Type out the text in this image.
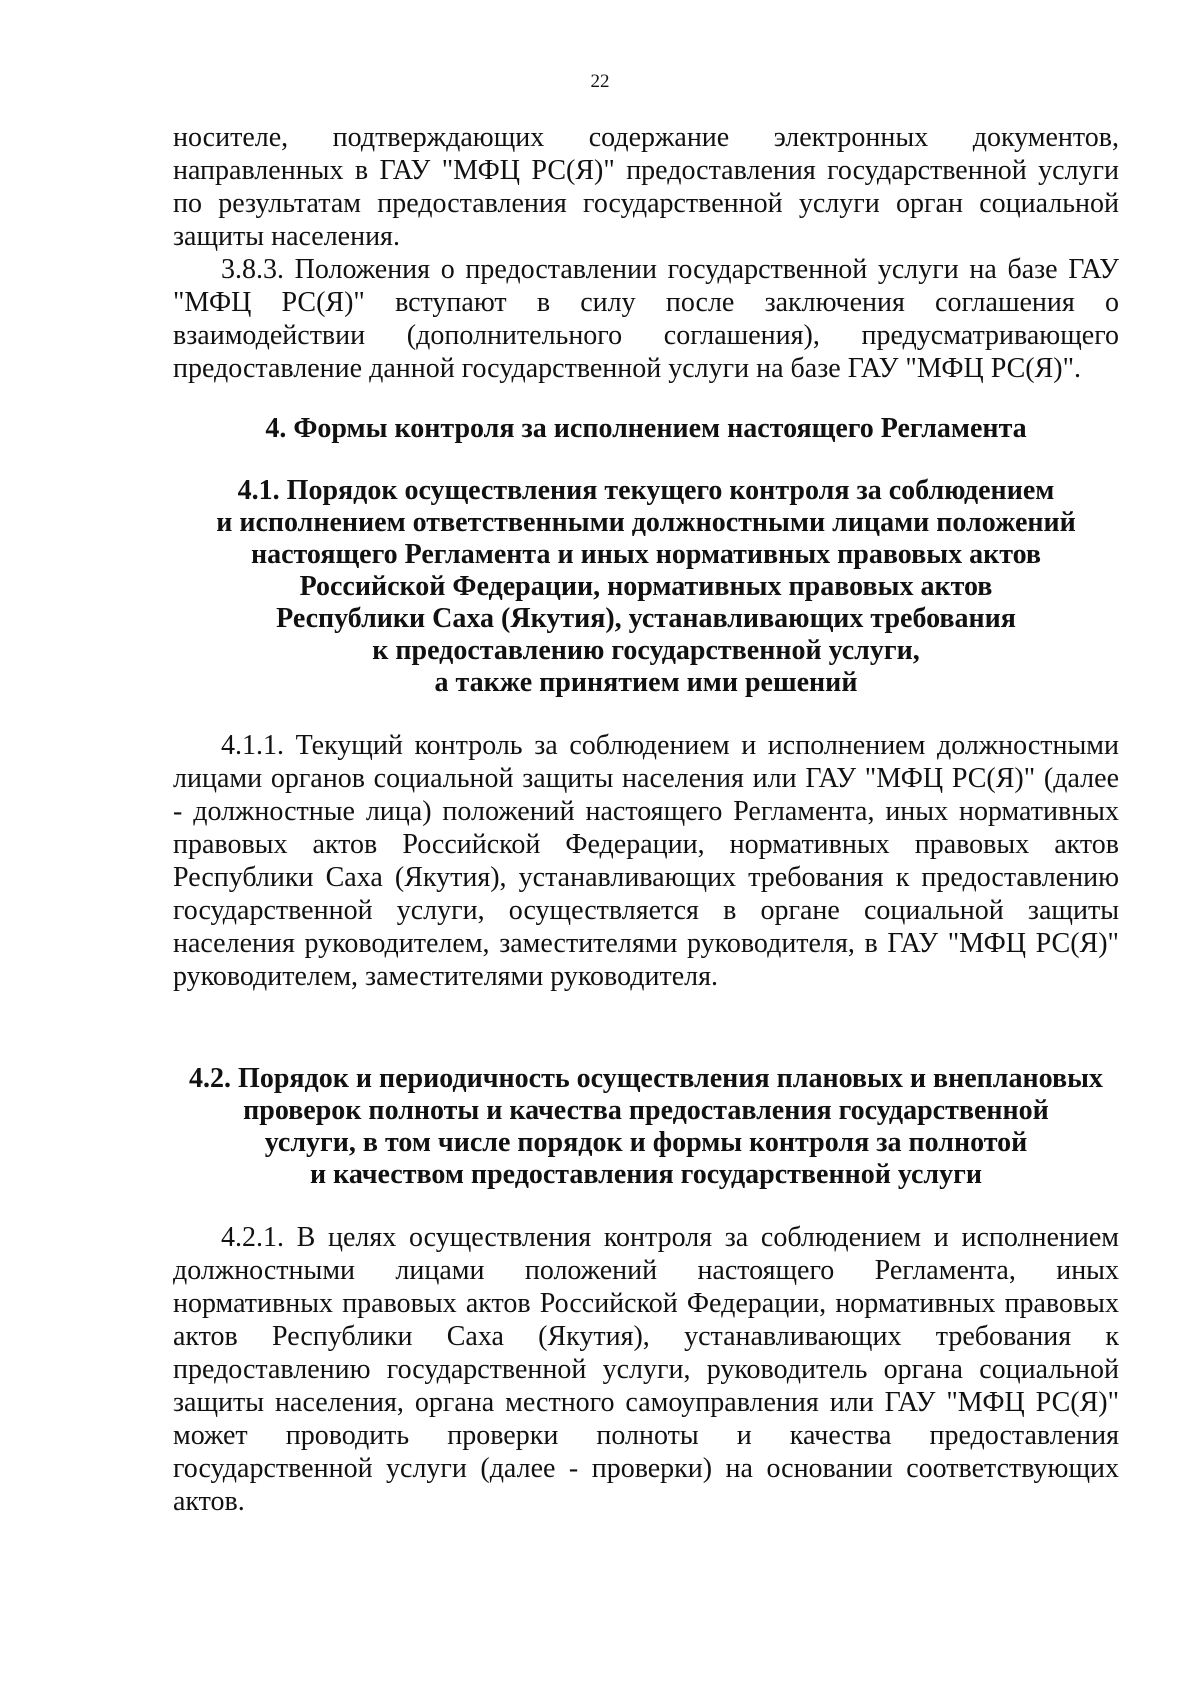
22

носителе, подтверждающих содержание электронных документов, направленных в ГАУ "МФЦ РС(Я)" предоставления государственной услуги по результатам предоставления государственной услуги орган социальной защиты населения.

3.8.3. Положения о предоставлении государственной услуги на базе ГАУ "МФЦ РС(Я)" вступают в силу после заключения соглашения о взаимодействии (дополнительного соглашения), предусматривающего предоставление данной государственной услуги на базе ГАУ "МФЦ РС(Я)".

4. Формы контроля за исполнением настоящего Регламента
4.1. Порядок осуществления текущего контроля за соблюдением
и исполнением ответственными должностными лицами положений
настоящего Регламента и иных нормативных правовых актов
Российской Федерации, нормативных правовых актов
Республики Саха (Якутия), устанавливающих требования
к предоставлению государственной услуги,
а также принятием ими решений

4.1.1. Текущий контроль за соблюдением и исполнением должностными лицами органов социальной защиты населения или ГАУ "МФЦ РС(Я)" (далее - должностные лица) положений настоящего Регламента, иных нормативных правовых актов Российской Федерации, нормативных правовых актов Республики Саха (Якутия), устанавливающих требования к предоставлению государственной услуги, осуществляется в органе социальной защиты населения руководителем, заместителями руководителя, в ГАУ "МФЦ РС(Я)" руководителем, заместителями руководителя.

4.2. Порядок и периодичность осуществления плановых и внеплановых
проверок полноты и качества предоставления государственной
услуги, в том числе порядок и формы контроля за полнотой
и качеством предоставления государственной услуги

4.2.1. В целях осуществления контроля за соблюдением и исполнением должностными лицами положений настоящего Регламента, иных нормативных правовых актов Российской Федерации, нормативных правовых актов Республики Саха (Якутия), устанавливающих требования к предоставлению государственной услуги, руководитель органа социальной защиты населения, органа местного самоуправления или ГАУ "МФЦ РС(Я)" может проводить проверки полноты и качества предоставления государственной услуги (далее - проверки) на основании соответствующих актов.
